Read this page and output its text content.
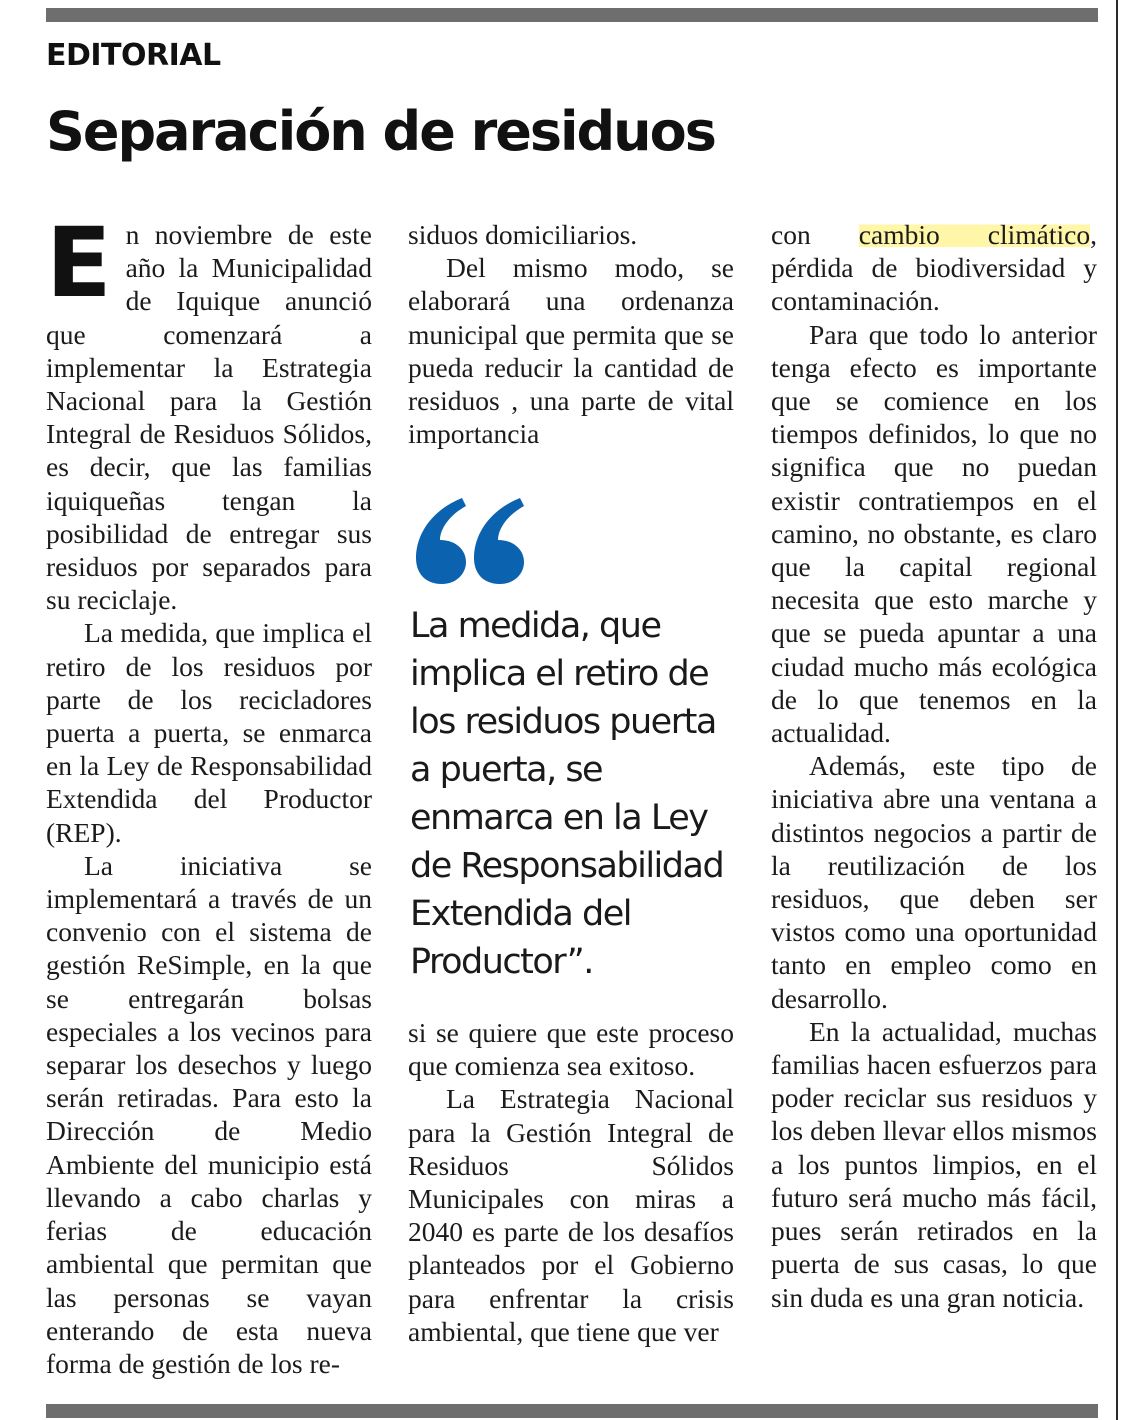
EDITORIAL
Separación de residuos

En noviembre de este año la Municipalidad de Iquique anunció que comenzará a implementar la Estrategia Nacional para la Gestión Integral de Residuos Sólidos, es decir, que las familias iquiqueñas tengan la posibilidad de entregar sus residuos por separados para su reciclaje.

La medida, que implica el retiro de los residuos por parte de los recicladores puerta a puerta, se enmarca en la Ley de Responsabilidad Extendida del Productor (REP).

La iniciativa se implementará a través de un convenio con el sistema de gestión ReSimple, en la que se entregarán bolsas especiales a los vecinos para separar los desechos y luego serán retiradas. Para esto la Dirección de Medio Ambiente del municipio está llevando a cabo charlas y ferias de educación ambiental que permitan que las personas se vayan enterando de esta nueva forma de gestión de los re-

siduos domiciliarios.

Del mismo modo, se elaborará una ordenanza municipal que permita que se pueda reducir la cantidad de residuos , una parte de vital importancia

La medida, que implica el retiro de los residuos puerta a puerta, se enmarca en la Ley de Responsabilidad Extendida del Productor”.

si se quiere que este proceso que comienza sea exitoso.

La Estrategia Nacional para la Gestión Integral de Residuos Sólidos Municipales con miras a 2040 es parte de los desafíos planteados por el Gobierno para enfrentar la crisis ambiental, que tiene que ver

con cambio climático, pérdida de biodiversidad y contaminación.

Para que todo lo anterior tenga efecto es importante que se comience en los tiempos definidos, lo que no significa que no puedan existir contratiempos en el camino, no obstante, es claro que la capital regional necesita que esto marche y que se pueda apuntar a una ciudad mucho más ecológica de lo que tenemos en la actualidad.

Además, este tipo de iniciativa abre una ventana a distintos negocios a partir de la reutilización de los residuos, que deben ser vistos como una oportunidad tanto en empleo como en desarrollo.

En la actualidad, muchas familias hacen esfuerzos para poder reciclar sus residuos y los deben llevar ellos mismos a los puntos limpios, en el futuro será mucho más fácil, pues serán retirados en la puerta de sus casas, lo que sin duda es una gran noticia.
